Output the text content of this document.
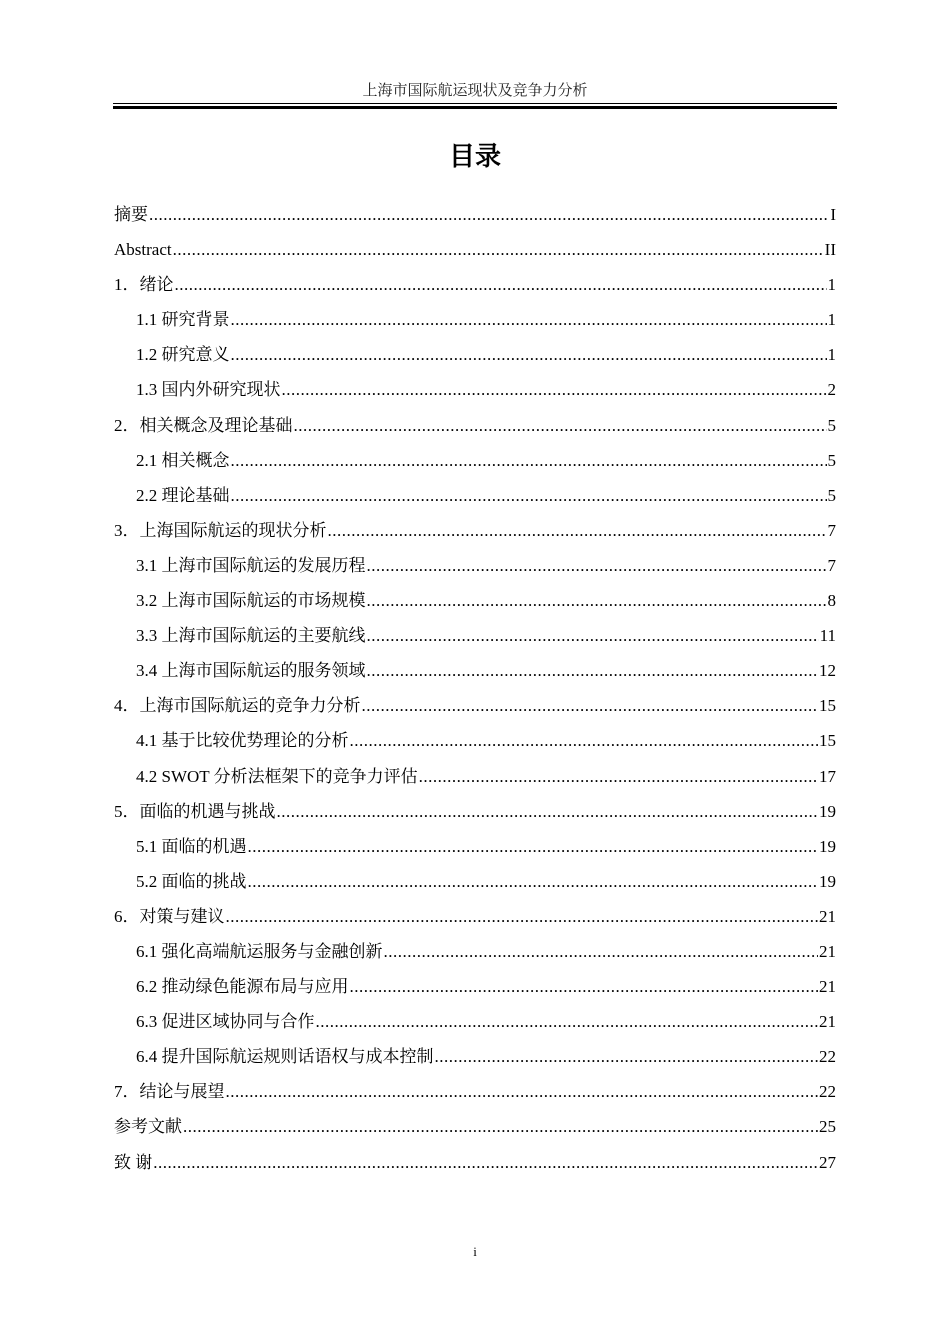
上海市国际航运现状及竞争力分析
目录
摘要 .....	I
Abstract .....	II
1．绪论 .....	1
1.1 研究背景 .....	1
1.2 研究意义 .....	1
1.3 国内外研究现状 .....	2
2．相关概念及理论基础 .....	5
2.1 相关概念 .....	5
2.2 理论基础 .....	5
3．上海国际航运的现状分析 .....	7
3.1 上海市国际航运的发展历程 .....	7
3.2 上海市国际航运的市场规模 .....	8
3.3 上海市国际航运的主要航线 .....	11
3.4 上海市国际航运的服务领域 .....	12
4．上海市国际航运的竞争力分析 .....	15
4.1 基于比较优势理论的分析 .....	15
4.2 SWOT 分析法框架下的竞争力评估 .....	17
5．面临的机遇与挑战 .....	19
5.1 面临的机遇 .....	19
5.2 面临的挑战 .....	19
6．对策与建议 .....	21
6.1 强化高端航运服务与金融创新 .....	21
6.2 推动绿色能源布局与应用 .....	21
6.3 促进区域协同与合作 .....	21
6.4 提升国际航运规则话语权与成本控制 .....	22
7．结论与展望 .....	22
参考文献 .....	25
致 谢 .....	27
i
